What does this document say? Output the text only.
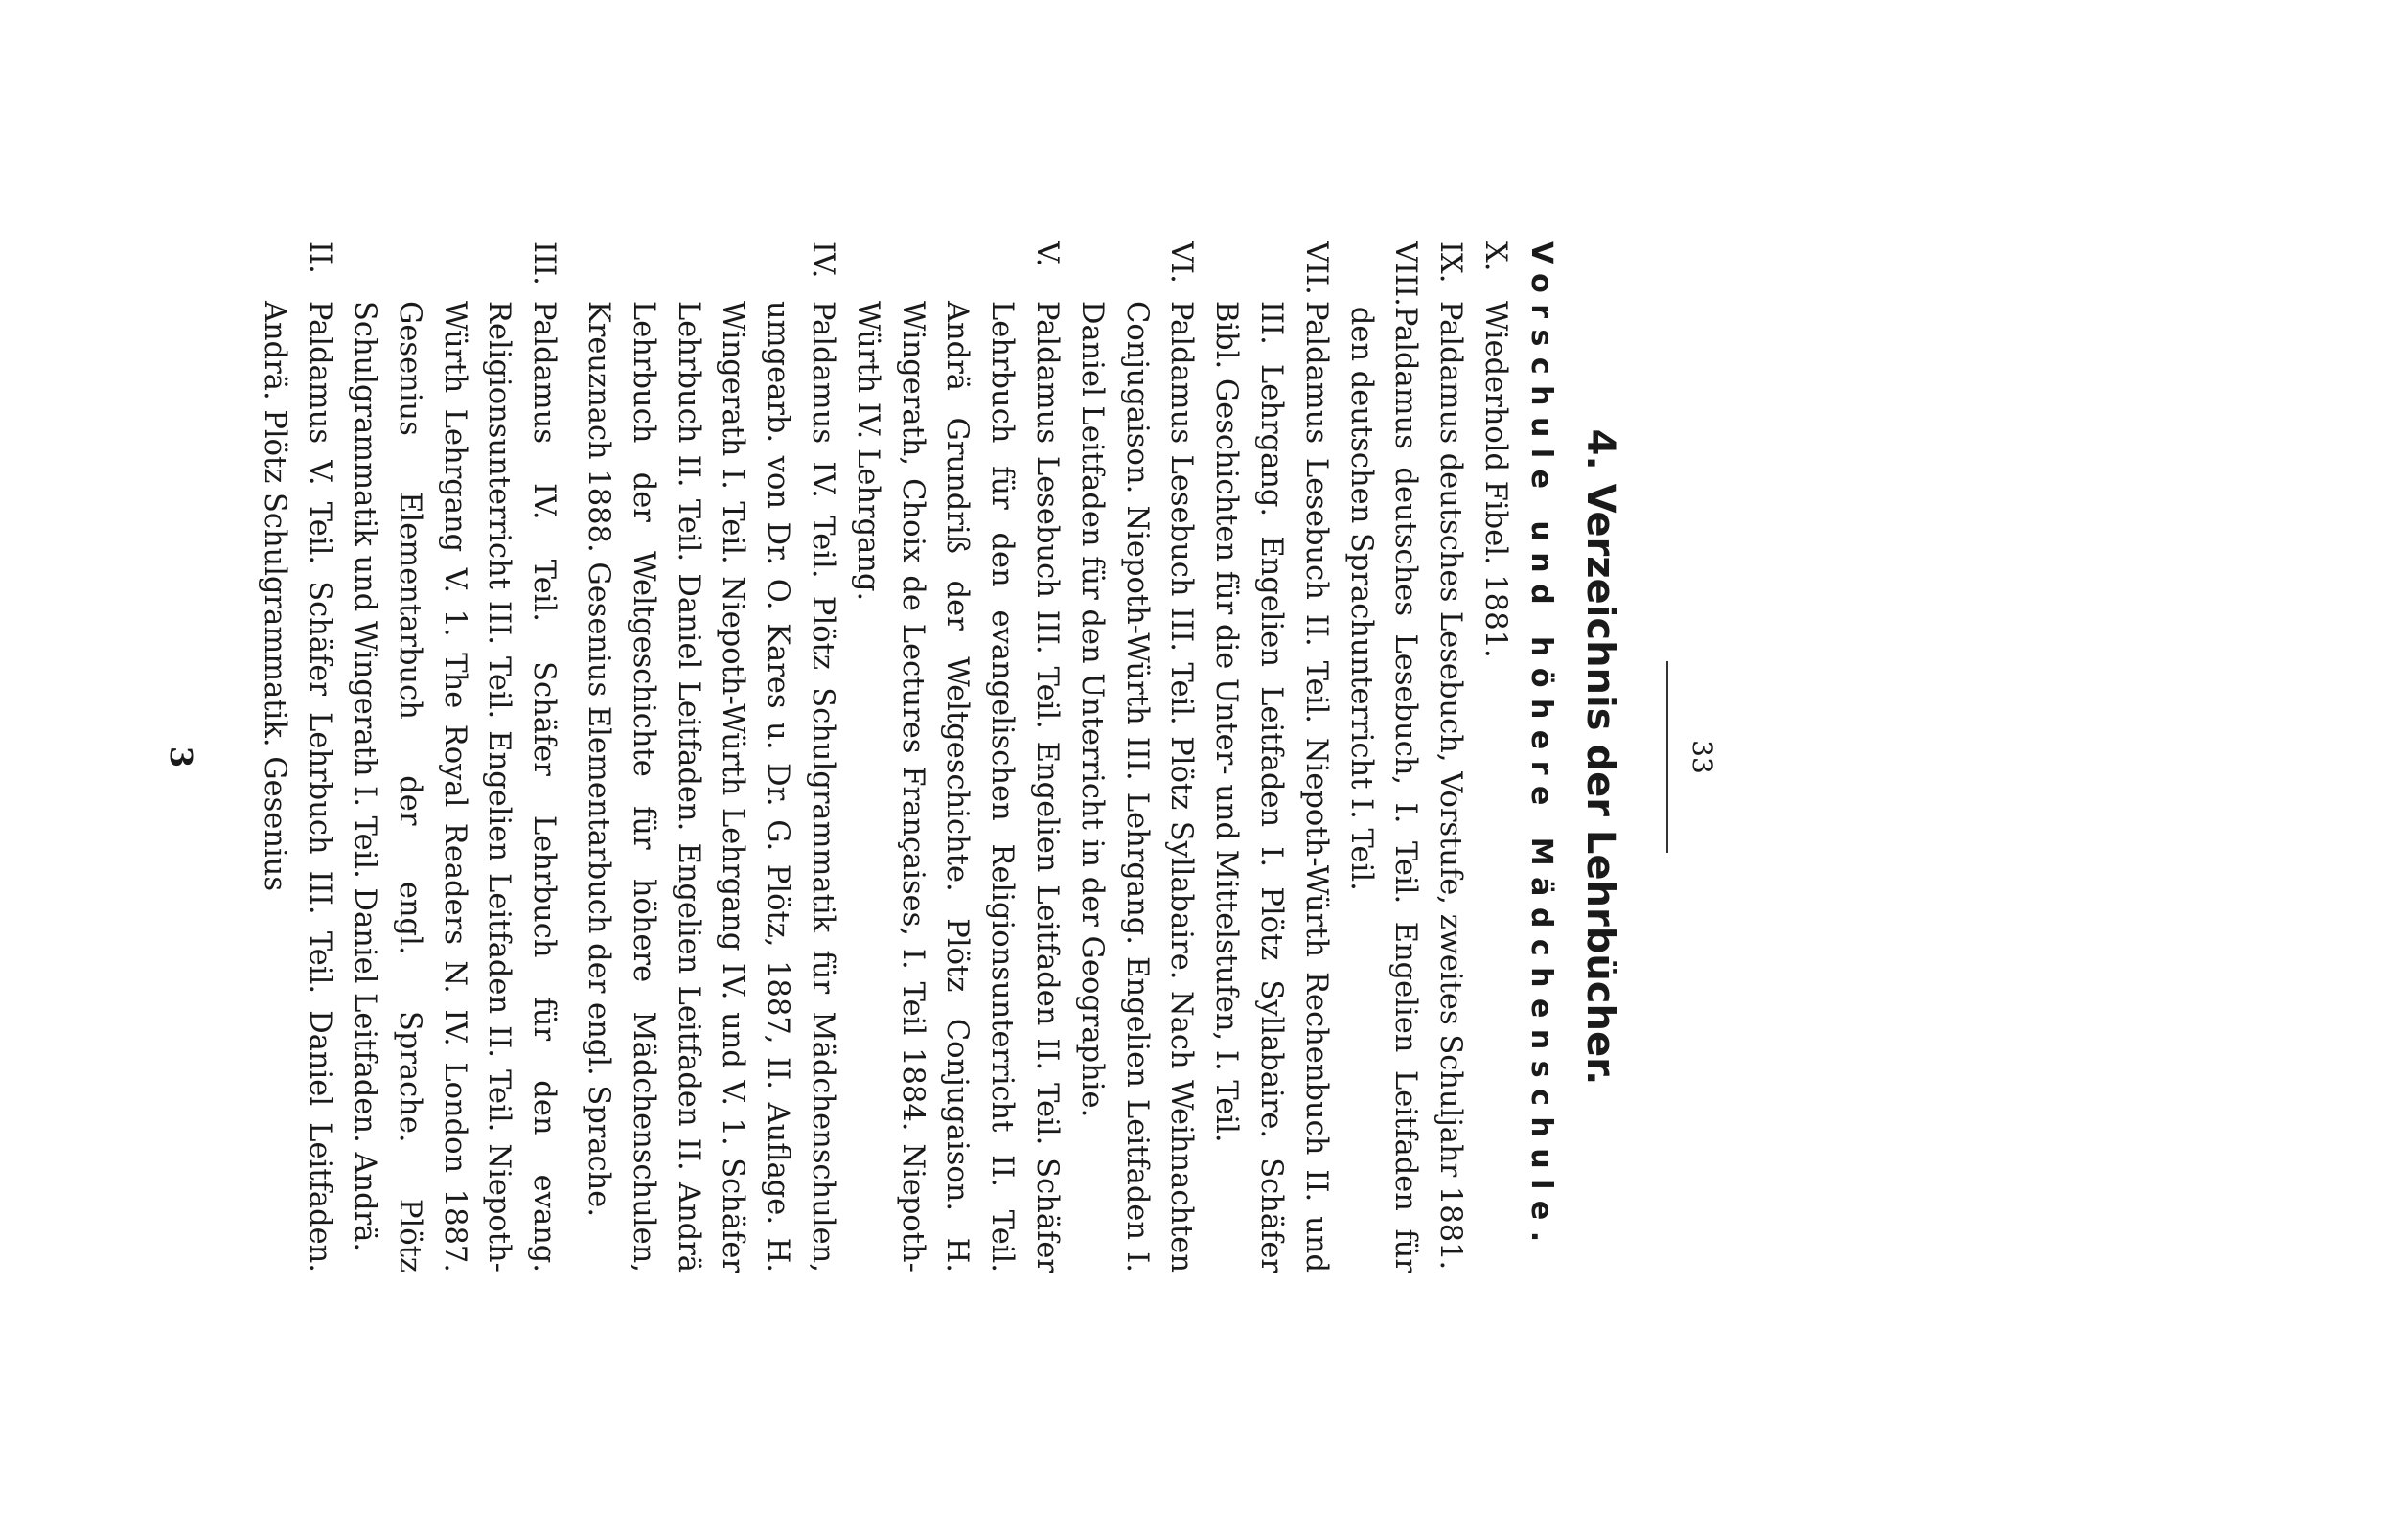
33
4. Verzeichnis der Lehrbücher.
Vorschule und höhere Mädchenschule.

X.
Wiederhold Fibel. 1881.

IX.
Paldamus deutsches Lesebuch, Vorstufe, zweites Schuljahr 1881.

VIII.
Paldamus deutsches Lesebuch, I. Teil. Engelien Leitfaden für den deutschen Sprachunterricht I. Teil.

VII.
Paldamus Lesebuch II. Teil. Niepoth-Würth Rechenbuch II. und III. Lehrgang. Engelien Leitfaden I. Plötz Syllabaire. Schäfer Bibl. Geschichten für die Unter- und Mittelstufen, I. Teil.

VI.
Paldamus Lesebuch III. Teil. Plötz Syllabaire. Nach Weihnachten Conjugaison. Niepoth-Würth III. Lehrgang. Engelien Leitfaden I. Daniel Leitfaden für den Unterricht in der Geographie.

V.
Paldamus Lesebuch III. Teil. Engelien Leitfaden II. Teil. Schäfer Lehrbuch für den evangelischen Religionsunterricht II. Teil. Andrä Grundriß der Weltgeschichte. Plötz Conjugaison. H. Wingerath, Choix de Lectures Françaises, I. Teil 1884. Niepoth-Würth IV. Lehrgang.

IV.
Paldamus IV. Teil. Plötz Schulgrammatik für Mädchenschulen, umgearb. von Dr. O. Kares u. Dr. G. Plötz, 1887, II. Auflage. H. Wingerath I. Teil. Niepoth-Würth Lehrgang IV. und V. 1. Schäfer Lehrbuch II. Teil. Daniel Leitfaden. Engelien Leitfaden II. Andrä Lehrbuch der Weltgeschichte für höhere Mädchenschulen, Kreuznach 1888. Gesenius Elementarbuch der engl. Sprache.

III.
Paldamus IV. Teil. Schäfer Lehrbuch für den evang. Religionsunterricht III. Teil. Engelien Leitfaden II. Teil. Niepoth-Würth Lehrgang V. 1. The Royal Readers N. IV. London 1887. Gesenius Elementarbuch der engl. Sprache. Plötz Schulgrammatik und Wingerath I. Teil. Daniel Leitfaden. Andrä.

II.
Paldamus V. Teil. Schäfer Lehrbuch III. Teil. Daniel Leitfaden. Andrä. Plötz Schulgrammatik. Gesenius

3
